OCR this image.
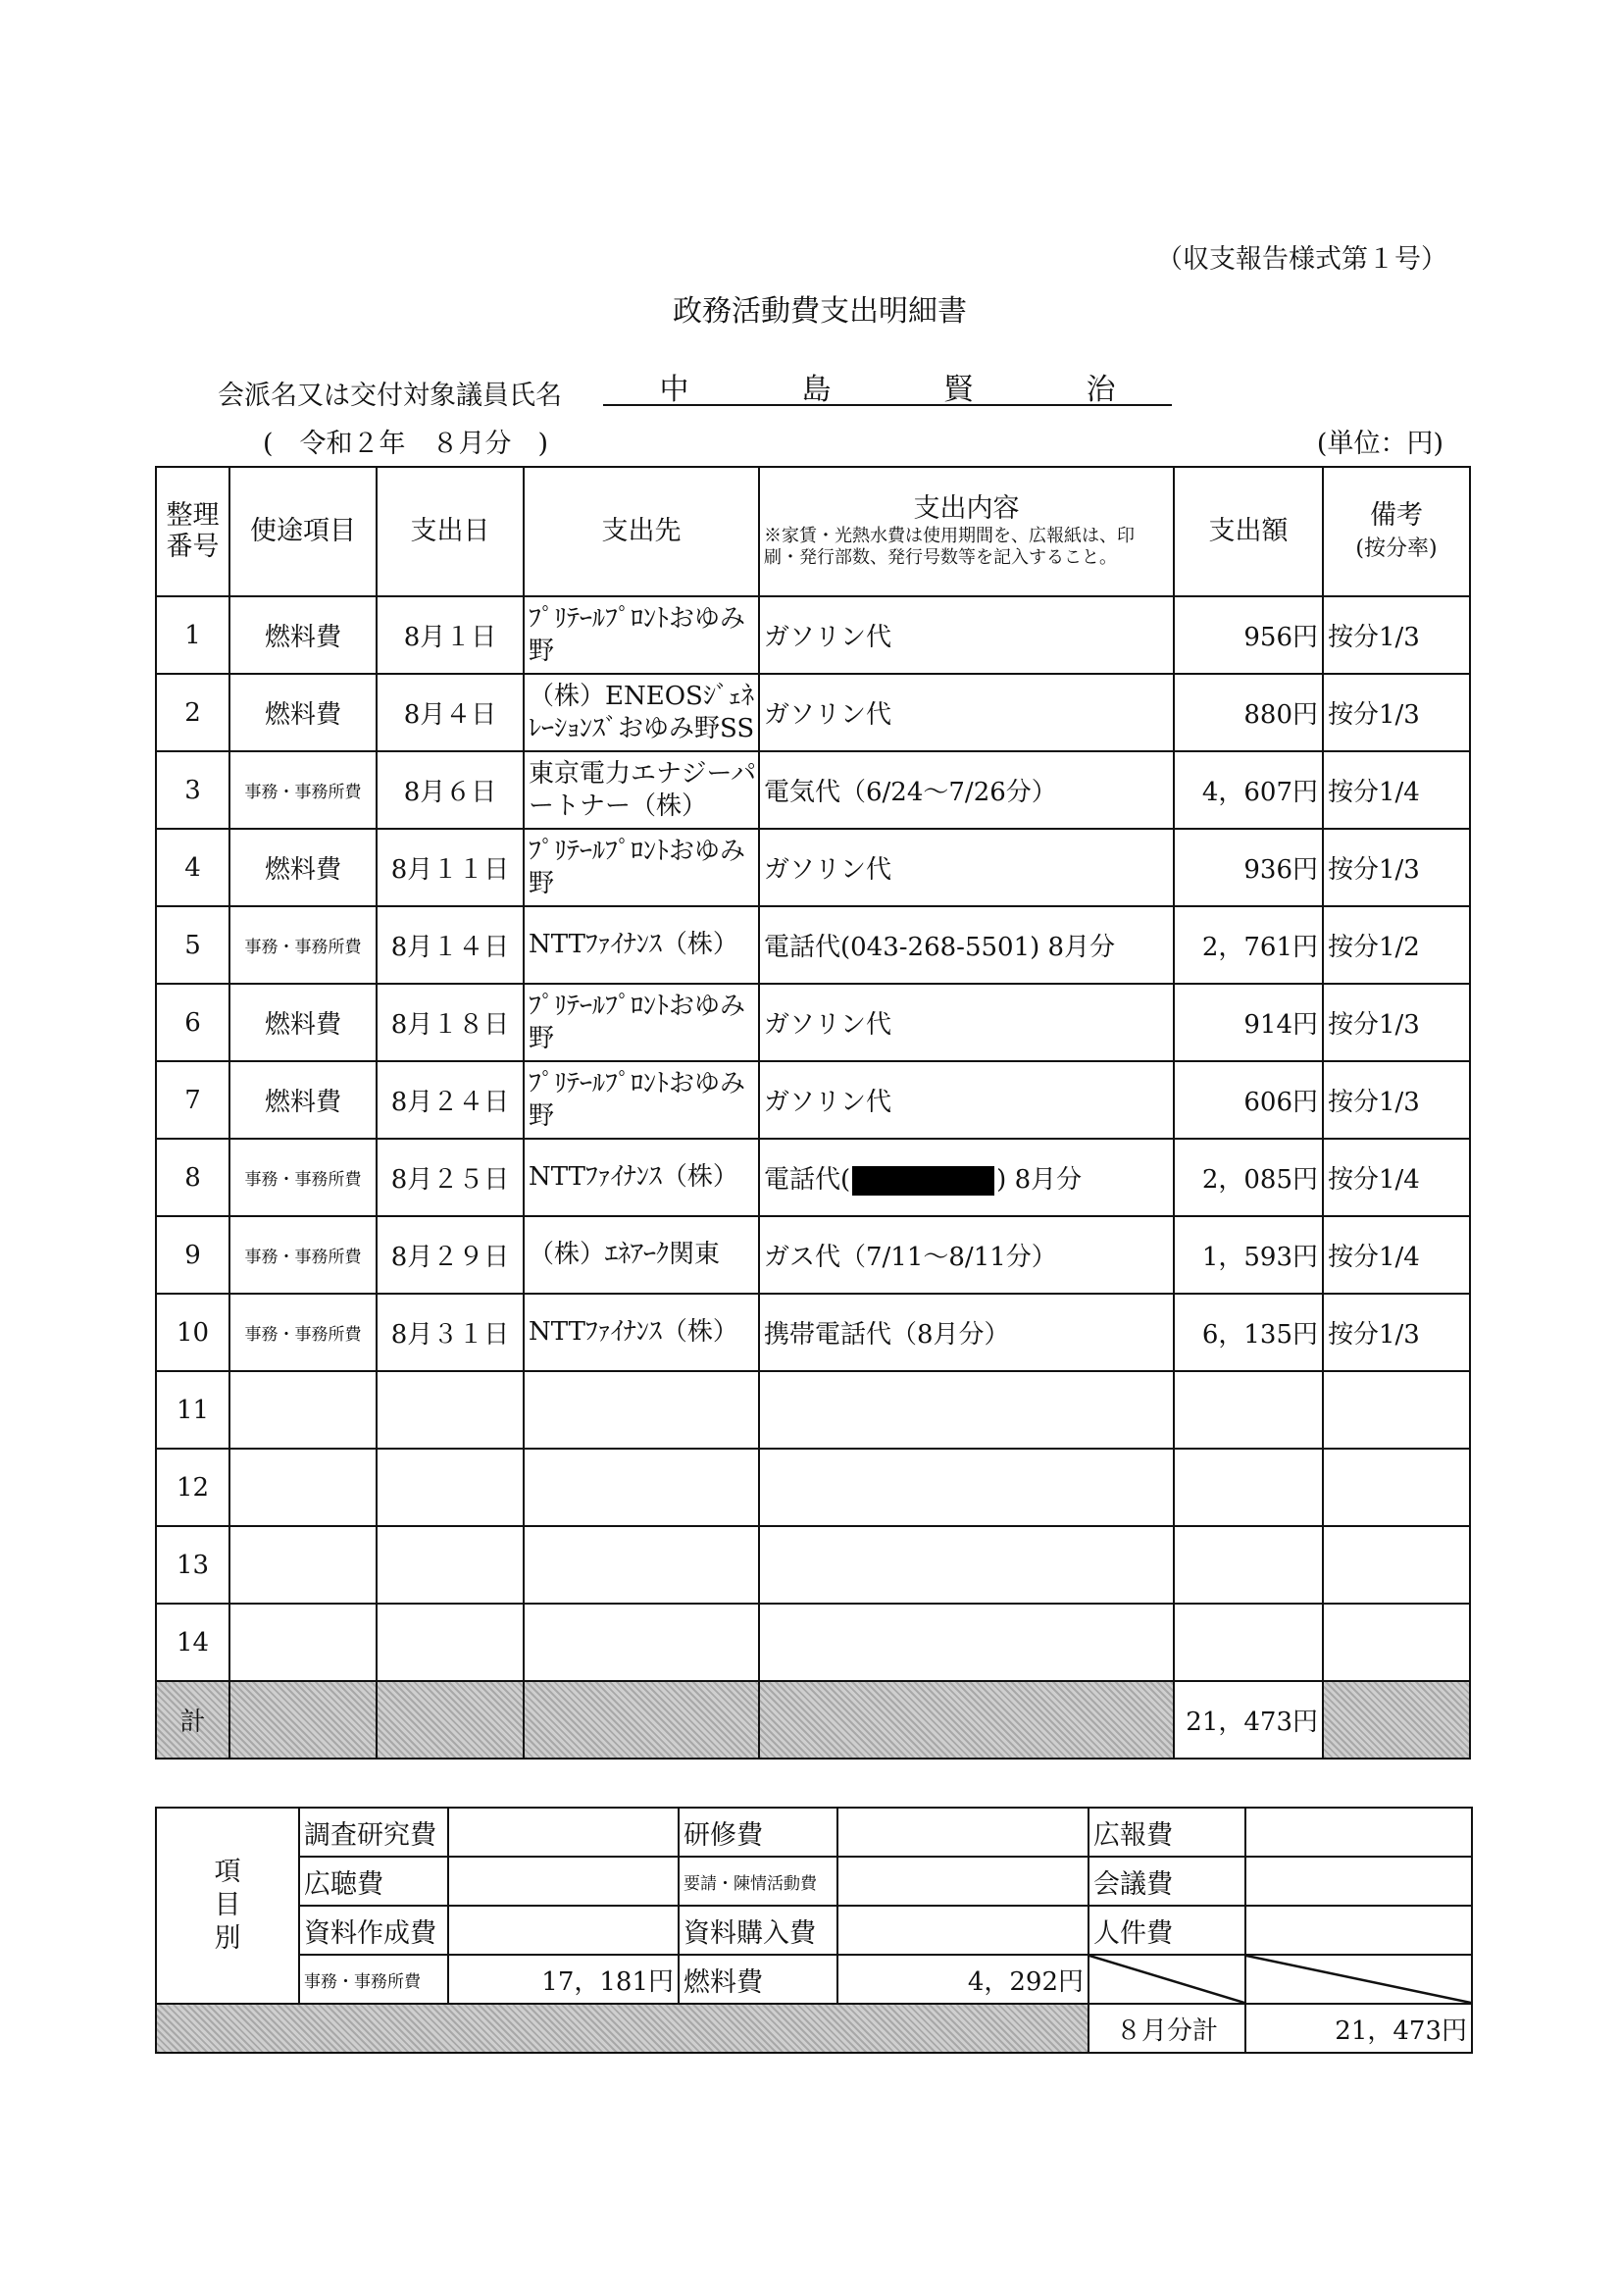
（収支報告様式第１号）
政務活動費支出明細書
会派名又は交付対象議員氏名	中	島	賢	治
(　令和２年　８月分　)	(単位：円)
整理番号	使途項目	支出日	支出先	支出内容
※家賃・光熱水費は使用期間を、広報紙は、印刷・発行部数、発行号数等を記入すること。	支出額	備考
(按分率)
1	燃料費	8月１日	ﾌﾟﾘﾃｰﾙﾌﾟﾛﾝﾄおゆみ野	ガソリン代	956円	按分1/3
2	燃料費	8月４日	（株）ENEOSｼﾞｪﾈﾚｰｼｮﾝｽﾞおゆみ野SS	ガソリン代	880円	按分1/3
3	事務・事務所費	8月６日	東京電力エナジーパートナー（株）	電気代（6/24～7/26分）	4，607円	按分1/4
4	燃料費	8月１１日	ﾌﾟﾘﾃｰﾙﾌﾟﾛﾝﾄおゆみ野	ガソリン代	936円	按分1/3
5	事務・事務所費	8月１４日	NTTﾌｧｲﾅﾝｽ（株）	電話代(043-268-5501) 8月分	2，761円	按分1/2
6	燃料費	8月１８日	ﾌﾟﾘﾃｰﾙﾌﾟﾛﾝﾄおゆみ野	ガソリン代	914円	按分1/3
7	燃料費	8月２４日	ﾌﾟﾘﾃｰﾙﾌﾟﾛﾝﾄおゆみ野	ガソリン代	606円	按分1/3
8	事務・事務所費	8月２５日	NTTﾌｧｲﾅﾝｽ（株）	電話代( ) 8月分	2，085円	按分1/4
9	事務・事務所費	8月２９日	（株）ｴﾈｱｰｸ関東	ガス代（7/11～8/11分）	1，593円	按分1/4
10	事務・事務所費	8月３１日	NTTﾌｧｲﾅﾝｽ（株）	携帯電話代（8月分）	6，135円	按分1/3
11						
12						
13						
14						
計					21，473円	
項
目
別	調査研究費		研修費		広報費	
	広聴費		要請・陳情活動費		会議費	
	資料作成費		資料購入費		人件費	
	事務・事務所費	17，181円	燃料費	4，292円		
					８月分計	21，473円
